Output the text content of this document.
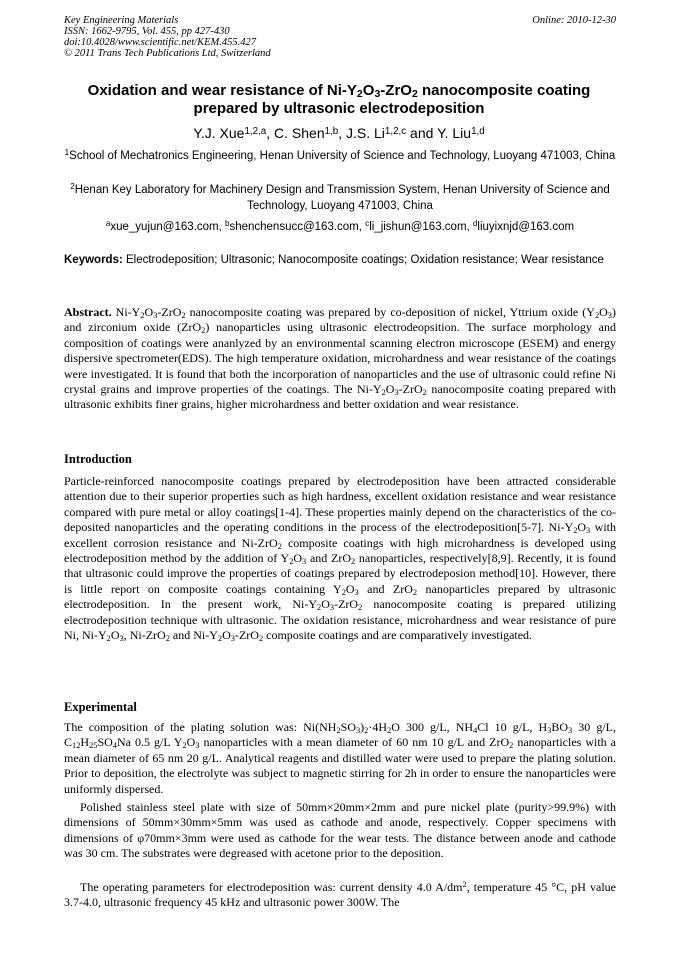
Key Engineering Materials
ISSN: 1662-9795, Vol. 455, pp 427-430
doi:10.4028/www.scientific.net/KEM.455.427
© 2011 Trans Tech Publications Ltd, Switzerland
Online: 2010-12-30
Oxidation and wear resistance of $Ni-Y_2O_3-ZrO_2$ nanocomposite coating prepared by ultrasonic electrodeposition
Y.J. Xue$^{1,2,a}$, C. Shen$^{1,b}$, J.S. Li$^{1,2,c}$ and Y. Liu$^{1,d}$
$^1$School of Mechatronics Engineering, Henan University of Science and Technology, Luoyang 471003, China
$^2$Henan Key Laboratory for Machinery Design and Transmission System, Henan University of Science and Technology, Luoyang 471003, China
$^a$xue_yujun@163.com, $^b$shenchensucc@163.com, $^c$li_jishun@163.com, $^d$liuyixnjd@163.com
Keywords: Electrodeposition; Ultrasonic; Nanocomposite coatings; Oxidation resistance; Wear resistance
Abstract. $Ni-Y_2O_3-ZrO_2$ nanocomposite coating was prepared by co-deposition of nickel, Yttrium oxide $(Y_2O_3)$ and zirconium oxide (ZrO$_2$) nanoparticles using ultrasonic electrodeopsition. The surface morphology and composition of coatings were ananlyzed by an environmental scanning electron microscope (ESEM) and energy dispersive spectrometer(EDS). The high temperature oxidation, microhardness and wear resistance of the coatings were investigated. It is found that both the incorporation of nanoparticles and the use of ultrasonic could refine Ni crystal grains and improve properties of the coatings. The $Ni-Y_2O_3-ZrO_2$ nanocomposite coating prepared with ultrasonic exhibits finer grains, higher microhardness and better oxidation and wear resistance.
Introduction
Particle-reinforced nanocomposite coatings prepared by electrodeposition have been attracted considerable attention due to their superior properties such as high hardness, excellent oxidation resistance and wear resistance compared with pure metal or alloy coatings[1-4]. These properties mainly depend on the characteristics of the co-deposited nanoparticles and the operating conditions in the process of the electrodeposition[5-7]. $Ni-Y_2O_3$ with excellent corrosion resistance and Ni-ZrO$_2$ composite coatings with high microhardness is developed using electrodeposition method by the addition of $Y_2O_3$ and ZrO$_2$ nanoparticles, respectively[8,9]. Recently, it is found that ultrasonic could improve the properties of coatings prepared by electrodeposion method[10]. However, there is little report on composite coatings containing $Y_2O_3$ and ZrO$_2$ nanoparticles prepared by ultrasonic electrodeposition. In the present work, $Ni-Y_2O_3-ZrO_2$ nanocomposite coating is prepared utilizing electrodeposition technique with ultrasonic. The oxidation resistance, microhardness and wear resistance of pure Ni, $Ni-Y_2O_3$, Ni-ZrO$_2$ and $Ni-Y_2O_3-ZrO_2$ composite coatings and are comparatively investigated.
Experimental
The composition of the plating solution was: $Ni(NH_2SO_3)_2\cdot 4H_2O$ 300 g/L, $NH_4Cl$ 10 g/L, $H_3BO_3$ 30 g/L, $C_{12}H_{25}SO_4Na$ 0.5 g/L $Y_2O_3$ nanoparticles with a mean diameter of 60 nm 10 g/L and ZrO$_2$ nanoparticles with a mean diameter of 65 nm 20 g/L. Analytical reagents and distilled water were used to prepare the plating solution. Prior to deposition, the electrolyte was subject to magnetic stirring for 2h in order to ensure the nanoparticles were uniformly dispersed.
Polished stainless steel plate with size of 50mm×20mm×2mm and pure nickel plate (purity>99.9%) with dimensions of 50mm×30mm×5mm was used as cathode and anode, respectively. Copper specimens with dimensions of φ70mm×3mm were used as cathode for the wear tests. The distance between anode and cathode was 30 cm. The substrates were degreased with acetone prior to the deposition.
The operating parameters for electrodeposition was: current density 4.0 $A/dm^2$, temperature 45 °C, pH value 3.7-4.0, ultrasonic frequency 45 kHz and ultrasonic power 300W. The
